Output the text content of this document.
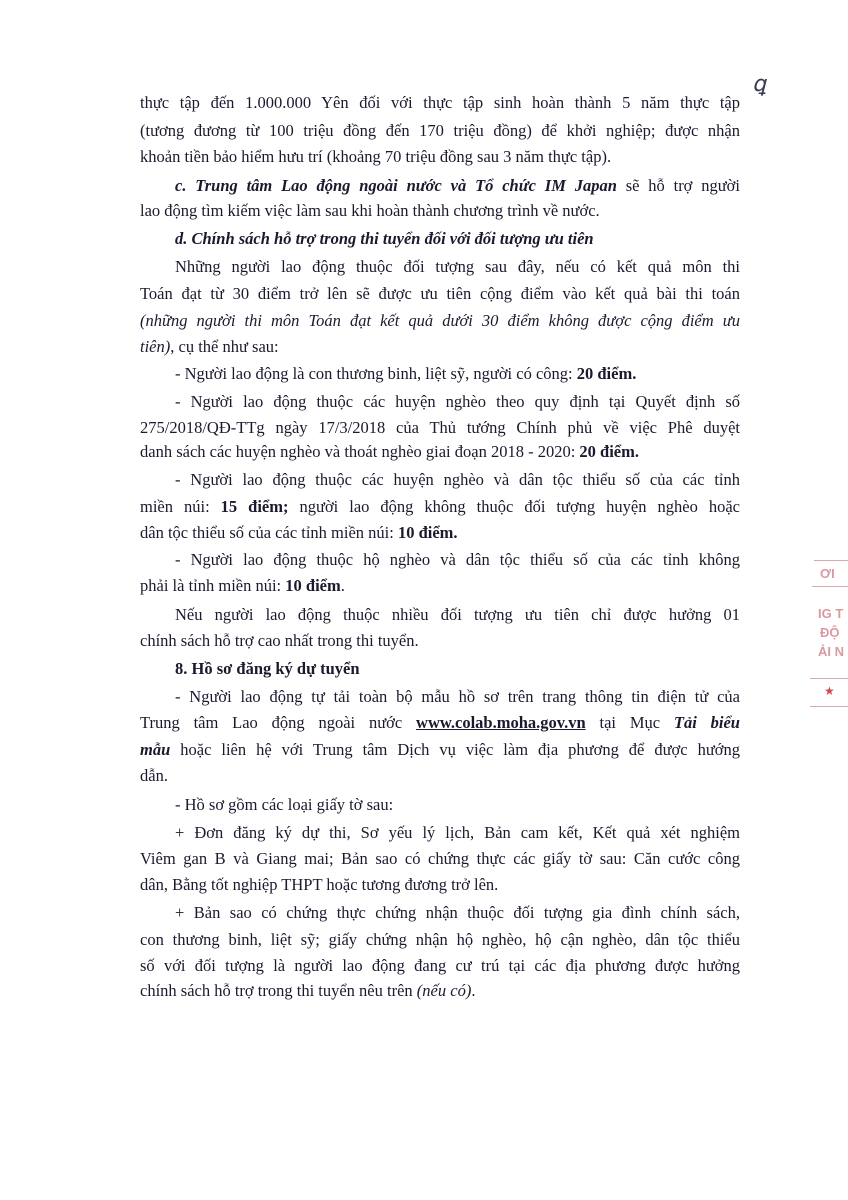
ꝗ
thực tập đến 1.000.000 Yên đối với thực tập sinh hoàn thành 5 năm thực tập
(tương đương từ 100 triệu đồng đến 170 triệu đồng) để khởi nghiệp; được nhận
khoản tiền bảo hiểm hưu trí (khoảng 70 triệu đồng sau 3 năm thực tập).
c. Trung tâm Lao động ngoài nước và Tổ chức IM Japan sẽ hỗ trợ người
lao động tìm kiếm việc làm sau khi hoàn thành chương trình về nước.
d. Chính sách hỗ trợ trong thi tuyển đối với đối tượng ưu tiên
Những người lao động thuộc đối tượng sau đây, nếu có kết quả môn thi
Toán đạt từ 30 điểm trở lên sẽ được ưu tiên cộng điểm vào kết quả bài thi toán
(những người thi môn Toán đạt kết quả dưới 30 điểm không được cộng điểm ưu
tiên), cụ thể như sau:
- Người lao động là con thương binh, liệt sỹ, người có công: 20 điểm.
- Người lao động thuộc các huyện nghèo theo quy định tại Quyết định số
275/2018/QĐ-TTg ngày 17/3/2018 của Thủ tướng Chính phủ về việc Phê duyệt
danh sách các huyện nghèo và thoát nghèo giai đoạn 2018 - 2020: 20 điểm.
- Người lao động thuộc các huyện nghèo và dân tộc thiểu số của các tỉnh
miền núi: 15 điểm; người lao động không thuộc đối tượng huyện nghèo hoặc
dân tộc thiểu số của các tỉnh miền núi: 10 điểm.
- Người lao động thuộc hộ nghèo và dân tộc thiểu số của các tỉnh không
phải là tỉnh miền núi: 10 điểm.
Nếu người lao động thuộc nhiều đối tượng ưu tiên chỉ được hưởng 01
chính sách hỗ trợ cao nhất trong thi tuyển.
8. Hồ sơ đăng ký dự tuyển
- Người lao động tự tải toàn bộ mẫu hồ sơ trên trang thông tin điện tử của
Trung tâm Lao động ngoài nước www.colab.moha.gov.vn tại Mục Tải biểu
mẫu hoặc liên hệ với Trung tâm Dịch vụ việc làm địa phương để được hướng
dẫn.
- Hồ sơ gồm các loại giấy tờ sau:
+ Đơn đăng ký dự thi, Sơ yếu lý lịch, Bản cam kết, Kết quả xét nghiệm
Viêm gan B và Giang mai; Bản sao có chứng thực các giấy tờ sau: Căn cước công
dân, Bằng tốt nghiệp THPT hoặc tương đương trở lên.
+ Bản sao có chứng thực chứng nhận thuộc đối tượng gia đình chính sách,
con thương binh, liệt sỹ; giấy chứng nhận hộ nghèo, hộ cận nghèo, dân tộc thiểu
số với đối tượng là người lao động đang cư trú tại các địa phương được hưởng
chính sách hỗ trợ trong thi tuyển nêu trên (nếu có).
ƠI
IG T
ĐỘ
ẢI N
★
